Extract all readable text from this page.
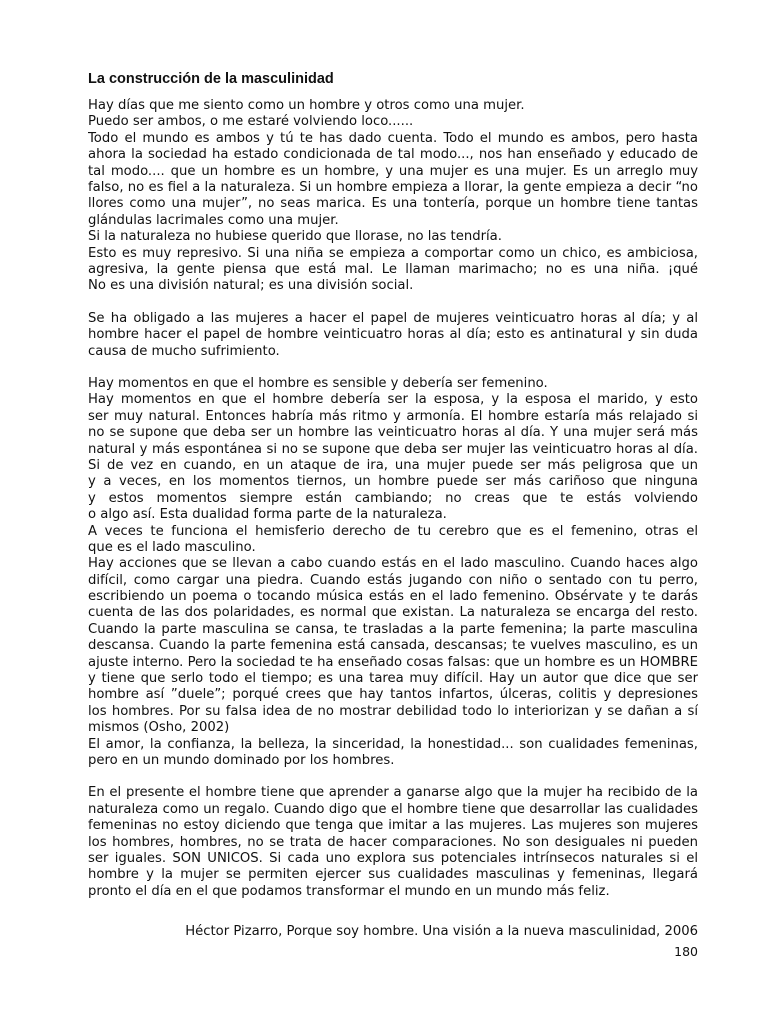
La construcción de la masculinidad
Hay días que me siento como un hombre y otros como una mujer.
Puedo ser ambos, o me estaré volviendo loco......
Todo el mundo es ambos y tú te has dado cuenta. Todo el mundo es ambos, pero hasta
ahora la sociedad ha estado condicionada de tal modo..., nos han enseñado y educado de
tal modo.... que un hombre es un hombre, y una mujer es una mujer. Es un arreglo muy
falso, no es fiel a la naturaleza. Si un hombre empieza a llorar, la gente empieza a decir “no
llores como una mujer”, no seas marica. Es una tontería, porque un hombre tiene tantas
glándulas lacrimales como una mujer.
Si la naturaleza no hubiese querido que llorase, no las tendría.
Esto es muy represivo. Si una niña se empieza a comportar como un chico, es ambiciosa,
agresiva, la gente piensa que está mal. Le llaman marimacho; no es una niña. ¡qué
No es una división natural; es una división social.
Se ha obligado a las mujeres a hacer el papel de mujeres veinticuatro horas al día; y al
hombre hacer el papel de hombre veinticuatro horas al día; esto es antinatural y sin duda
causa de mucho sufrimiento.
Hay momentos en que el hombre es sensible y debería ser femenino.
Hay momentos en que el hombre debería ser la esposa, y la esposa el marido, y esto
ser muy natural. Entonces habría más ritmo y armonía. El hombre estaría más relajado si
no se supone que deba ser un hombre las veinticuatro horas al día. Y una mujer será más
natural y más espontánea si no se supone que deba ser mujer las veinticuatro horas al día.
Si de vez en cuando, en un ataque de ira, una mujer puede ser más peligrosa que un
y a veces, en los momentos tiernos, un hombre puede ser más cariñoso que ninguna
y estos momentos siempre están cambiando; no creas que te estás volviendo
o algo así. Esta dualidad forma parte de la naturaleza.
A veces te funciona el hemisferio derecho de tu cerebro que es el femenino, otras el
que es el lado masculino.
Hay acciones que se llevan a cabo cuando estás en el lado masculino. Cuando haces algo
difícil, como cargar una piedra. Cuando estás jugando con niño o sentado con tu perro,
escribiendo un poema o tocando música estás en el lado femenino. Obsérvate y te darás
cuenta de las dos polaridades, es normal que existan. La naturaleza se encarga del resto.
Cuando la parte masculina se cansa, te trasladas a la parte femenina; la parte masculina
descansa. Cuando la parte femenina está cansada, descansas; te vuelves masculino, es un
ajuste interno. Pero la sociedad te ha enseñado cosas falsas: que un hombre es un HOMBRE
y tiene que serlo todo el tiempo; es una tarea muy difícil. Hay un autor que dice que ser
hombre así ”duele”; porqué crees que hay tantos infartos, úlceras, colitis y depresiones
los hombres. Por su falsa idea de no mostrar debilidad todo lo interiorizan y se dañan a sí
mismos (Osho, 2002)
El amor, la confianza, la belleza, la sinceridad, la honestidad... son cualidades femeninas,
pero en un mundo dominado por los hombres.
En el presente el hombre tiene que aprender a ganarse algo que la mujer ha recibido de la
naturaleza como un regalo. Cuando digo que el hombre tiene que desarrollar las cualidades
femeninas no estoy diciendo que tenga que imitar a las mujeres. Las mujeres son mujeres
los hombres, hombres, no se trata de hacer comparaciones. No son desiguales ni pueden
ser iguales. SON ÚNICOS. Si cada uno explora sus potenciales intrínsecos naturales si el
hombre y la mujer se permiten ejercer sus cualidades masculinas y femeninas, llegará
pronto el día en el que podamos transformar el mundo en un mundo más feliz.
Héctor Pizarro, Porque soy hombre. Una visión a la nueva masculinidad, 2006
180
